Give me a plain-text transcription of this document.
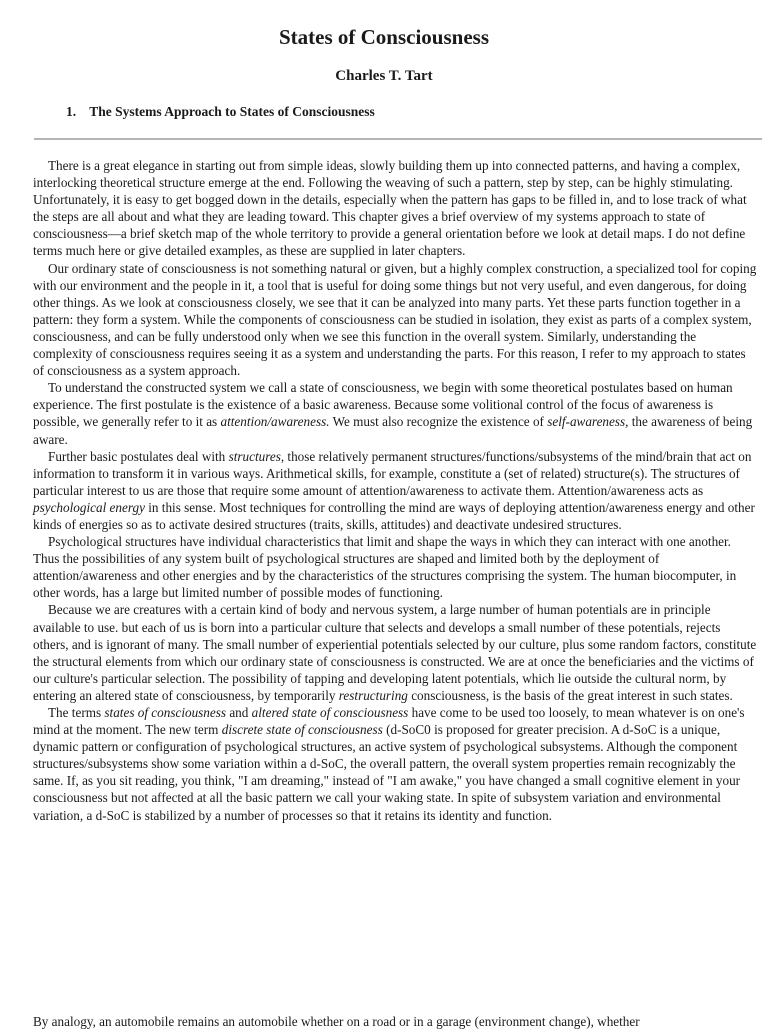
States of Consciousness
Charles T. Tart
1. The Systems Approach to States of Consciousness

There is a great elegance in starting out from simple ideas, slowly building them up into connected patterns, and having a complex, interlocking theoretical structure emerge at the end. Following the weaving of such a pattern, step by step, can be highly stimulating. Unfortunately, it is easy to get bogged down in the details, especially when the pattern has gaps to be filled in, and to lose track of what the steps are all about and what they are leading toward. This chapter gives a brief overview of my systems approach to state of consciousness—a brief sketch map of the whole territory to provide a general orientation before we look at detail maps. I do not define terms much here or give detailed examples, as these are supplied in later chapters.

Our ordinary state of consciousness is not something natural or given, but a highly complex construction, a specialized tool for coping with our environment and the people in it, a tool that is useful for doing some things but not very useful, and even dangerous, for doing other things. As we look at consciousness closely, we see that it can be analyzed into many parts. Yet these parts function together in a pattern: they form a system. While the components of consciousness can be studied in isolation, they exist as parts of a complex system, consciousness, and can be fully understood only when we see this function in the overall system. Similarly, understanding the complexity of consciousness requires seeing it as a system and understanding the parts. For this reason, I refer to my approach to states of consciousness as a system approach.

To understand the constructed system we call a state of consciousness, we begin with some theoretical postulates based on human experience. The first postulate is the existence of a basic awareness. Because some volitional control of the focus of awareness is possible, we generally refer to it as attention/awareness. We must also recognize the existence of self-awareness, the awareness of being aware.

Further basic postulates deal with structures, those relatively permanent structures/functions/subsystems of the mind/brain that act on information to transform it in various ways. Arithmetical skills, for example, constitute a (set of related) structure(s). The structures of particular interest to us are those that require some amount of attention/awareness to activate them. Attention/awareness acts as psychological energy in this sense. Most techniques for controlling the mind are ways of deploying attention/awareness energy and other kinds of energies so as to activate desired structures (traits, skills, attitudes) and deactivate undesired structures.

Psychological structures have individual characteristics that limit and shape the ways in which they can interact with one another. Thus the possibilities of any system built of psychological structures are shaped and limited both by the deployment of attention/awareness and other energies and by the characteristics of the structures comprising the system. The human biocomputer, in other words, has a large but limited number of possible modes of functioning.

Because we are creatures with a certain kind of body and nervous system, a large number of human potentials are in principle available to use. but each of us is born into a particular culture that selects and develops a small number of these potentials, rejects others, and is ignorant of many. The small number of experiential potentials selected by our culture, plus some random factors, constitute the structural elements from which our ordinary state of consciousness is constructed. We are at once the beneficiaries and the victims of our culture's particular selection. The possibility of tapping and developing latent potentials, which lie outside the cultural norm, by entering an altered state of consciousness, by temporarily restructuring consciousness, is the basis of the great interest in such states.

The terms states of consciousness and altered state of consciousness have come to be used too loosely, to mean whatever is on one's mind at the moment. The new term discrete state of consciousness (d-SoC0 is proposed for greater precision. A d-SoC is a unique, dynamic pattern or configuration of psychological structures, an active system of psychological subsystems. Although the component structures/subsystems show some variation within a d-SoC, the overall pattern, the overall system properties remain recognizably the same. If, as you sit reading, you think, "I am dreaming," instead of "I am awake," you have changed a small cognitive element in your consciousness but not affected at all the basic pattern we call your waking state. In spite of subsystem variation and environmental variation, a d-SoC is stabilized by a number of processes so that it retains its identity and function.

By analogy, an automobile remains an automobile whether on a road or in a garage (environment change), whether
